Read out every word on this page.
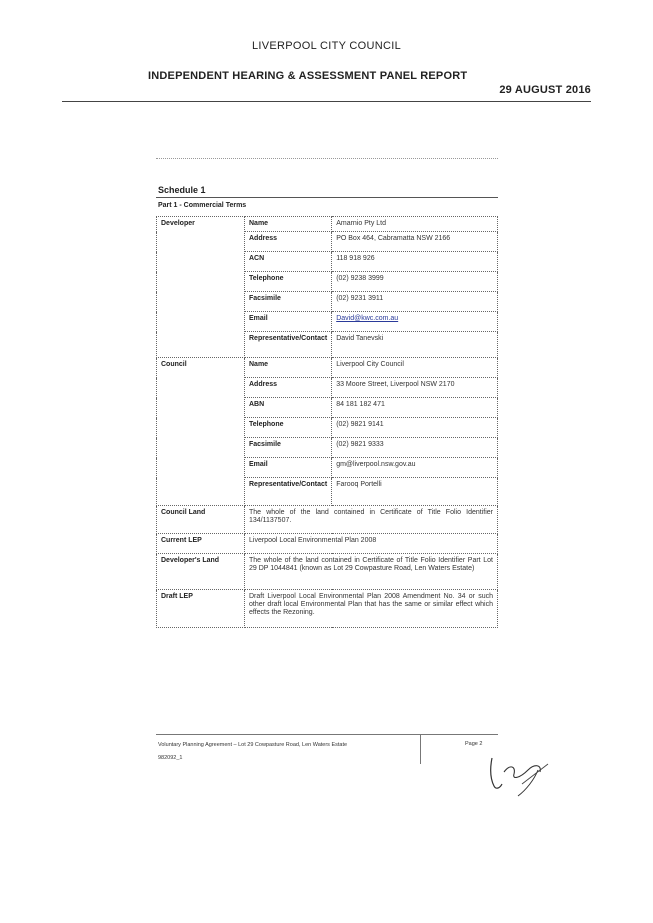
LIVERPOOL CITY COUNCIL
INDEPENDENT HEARING & ASSESSMENT PANEL REPORT
29 AUGUST 2016
Schedule 1
Part 1 - Commercial Terms
Developer	Name	Amarnio Pty Ltd
	Address	PO Box 464, Cabramatta NSW 2166
	ACN	118 918 926
	Telephone	(02) 9238 3999
	Facsimile	(02) 9231 3911
	Email	David@kwc.com.au
	Representative/Contact	David Tanevski
Council	Name	Liverpool City Council
	Address	33 Moore Street, Liverpool NSW 2170
	ABN	84 181 182 471
	Telephone	(02) 9821 9141
	Facsimile	(02) 9821 9333
	Email	gm@liverpool.nsw.gov.au
	Representative/Contact	Farooq Portelli
Council Land	The whole of the land contained in Certificate of Title Folio Identifier 134/1137507.	
Current LEP	Liverpool Local Environmental Plan 2008	
Developer's Land	The whole of the land contained in Certificate of Title Folio Identifier Part Lot 29 DP 1044841 (known as Lot 29 Cowpasture Road, Len Waters Estate)	
Draft LEP	Draft Liverpool Local Environmental Plan 2008 Amendment No. 34 or such other draft local Environmental Plan that has the same or similar effect which effects the Rezoning.	
Voluntary Planning Agreement – Lot 29 Cowpasture Road, Len Waters Estate
982092_1
Page 2
